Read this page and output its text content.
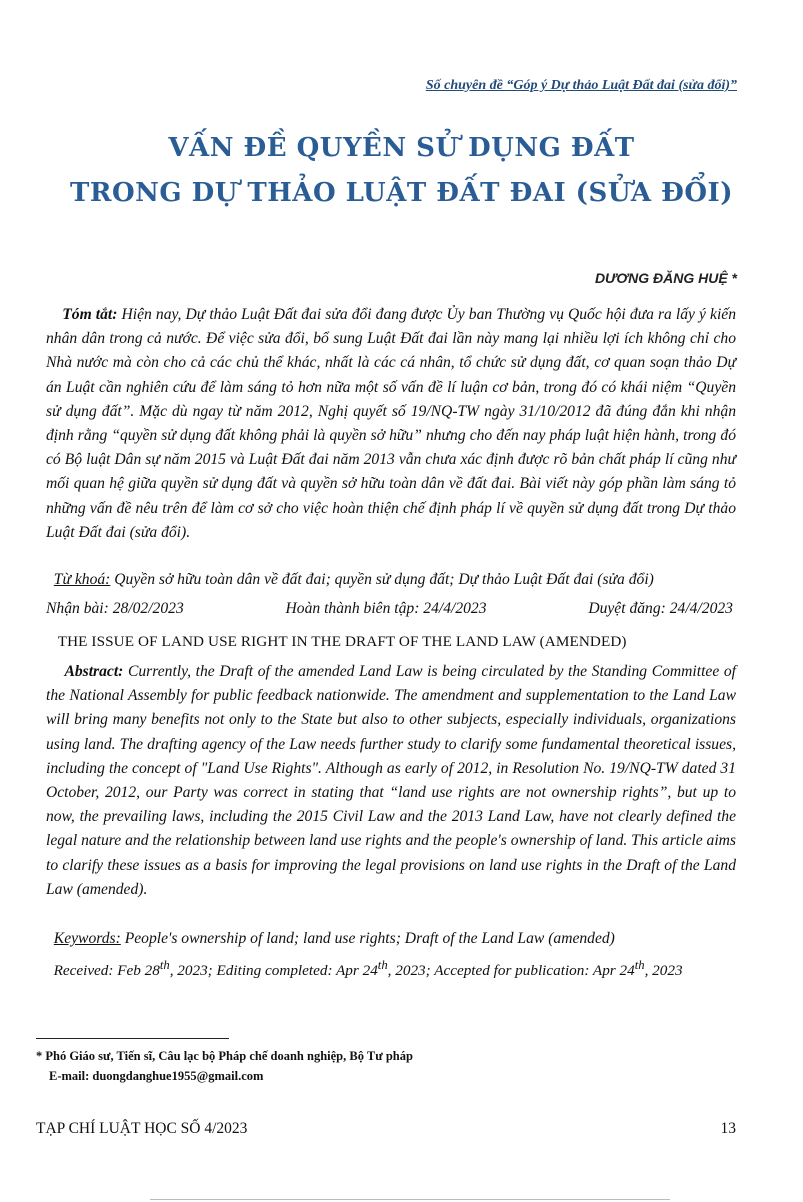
Số chuyên đề “Góp ý Dự thảo Luật Đất đai (sửa đổi)”
VẤN ĐỀ QUYỀN SỬ DỤNG ĐẤT
TRONG DỰ THẢO LUẬT ĐẤT ĐAI (SỬA ĐỔI)
DƯƠNG ĐĂNG HUỆ *
Tóm tắt: Hiện nay, Dự thảo Luật Đất đai sửa đổi đang được Ủy ban Thường vụ Quốc hội đưa ra lấy ý kiến nhân dân trong cả nước. Để việc sửa đổi, bổ sung Luật Đất đai lần này mang lại nhiều lợi ích không chỉ cho Nhà nước mà còn cho cả các chủ thể khác, nhất là các cá nhân, tổ chức sử dụng đất, cơ quan soạn thảo Dự án Luật cần nghiên cứu để làm sáng tỏ hơn nữa một số vấn đề lí luận cơ bản, trong đó có khái niệm “Quyền sử dụng đất”. Mặc dù ngay từ năm 2012, Nghị quyết số 19/NQ-TW ngày 31/10/2012 đã đúng đắn khi nhận định rằng “quyền sử dụng đất không phải là quyền sở hữu” nhưng cho đến nay pháp luật hiện hành, trong đó có Bộ luật Dân sự năm 2015 và Luật Đất đai năm 2013 vẫn chưa xác định được rõ bản chất pháp lí cũng như mối quan hệ giữa quyền sử dụng đất và quyền sở hữu toàn dân về đất đai. Bài viết này góp phần làm sáng tỏ những vấn đề nêu trên để làm cơ sở cho việc hoàn thiện chế định pháp lí về quyền sử dụng đất trong Dự thảo Luật Đất đai (sửa đổi).
Từ khoá: Quyền sở hữu toàn dân về đất đai; quyền sử dụng đất; Dự thảo Luật Đất đai (sửa đổi)
Nhận bài: 28/02/2023	Hoàn thành biên tập: 24/4/2023	Duyệt đăng: 24/4/2023
THE ISSUE OF LAND USE RIGHT IN THE DRAFT OF THE LAND LAW (AMENDED)
Abstract: Currently, the Draft of the amended Land Law is being circulated by the Standing Committee of the National Assembly for public feedback nationwide. The amendment and supplementation to the Land Law will bring many benefits not only to the State but also to other subjects, especially individuals, organizations using land. The drafting agency of the Law needs further study to clarify some fundamental theoretical issues, including the concept of "Land Use Rights". Although as early of 2012, in Resolution No. 19/NQ-TW dated 31 October, 2012, our Party was correct in stating that “land use rights are not ownership rights”, but up to now, the prevailing laws, including the 2015 Civil Law and the 2013 Land Law, have not clearly defined the legal nature and the relationship between land use rights and the people's ownership of land. This article aims to clarify these issues as a basis for improving the legal provisions on land use rights in the Draft of the Land Law (amended).
Keywords: People's ownership of land; land use rights; Draft of the Land Law (amended)
Received: Feb 28th, 2023; Editing completed: Apr 24th, 2023; Accepted for publication: Apr 24th, 2023
* Phó Giáo sư, Tiến sĩ, Câu lạc bộ Pháp chế doanh nghiệp, Bộ Tư pháp
E-mail: duongdanghue1955@gmail.com
TẠP CHÍ LUẬT HỌC SỐ 4/2023	13
